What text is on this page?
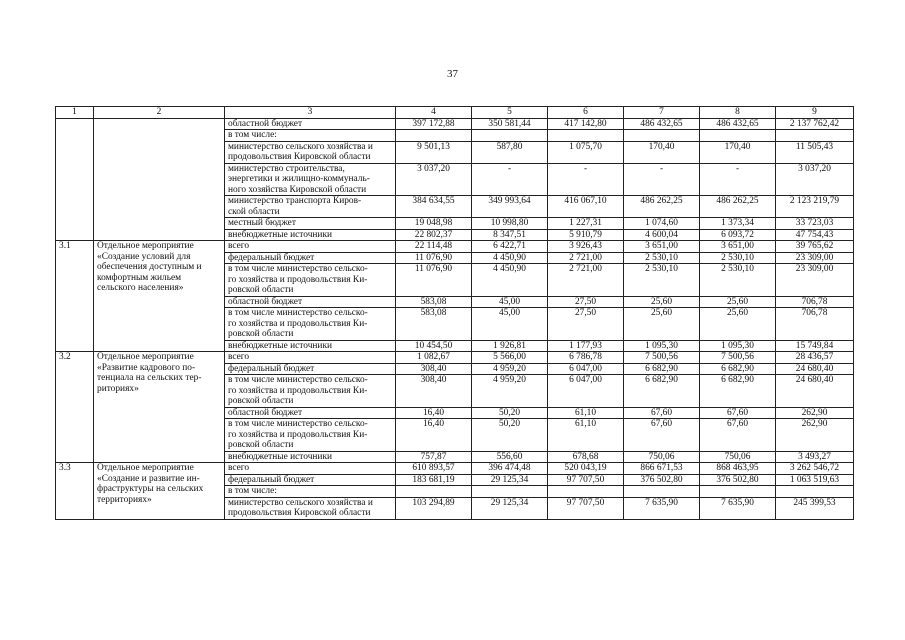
37
1	2	3	4	5	6	7	8	9
		областной бюджет	397 172,88	350 581,44	417 142,80	486 432,65	486 432,65	2 137 762,42
		в том числе:						
		министерство сельского хозяйства и
продовольствия Кировской области	9 501,13	587,80	1 075,70	170,40	170,40	11 505,43
		министерство строительства,
энергетики и жилищно-коммуналь-
ного хозяйства Кировской области	3 037,20	-	-	-	-	3 037,20
		министерство транспорта Киров-
ской области	384 634,55	349 993,64	416 067,10	486 262,25	486 262,25	2 123 219,79
		местный бюджет	19 048,98	10 998,80	1 227,31	1 074,60	1 373,34	33 723,03
		внебюджетные источники	22 802,37	8 347,51	5 910,79	4 600,04	6 093,72	47 754,43
3.1	Отдельное мероприятие
«Создание условий для
обеспечения доступным и
комфортным жильем
сельского населения»	всего	22 114,48	6 422,71	3 926,43	3 651,00	3 651,00	39 765,62
		федеральный бюджет	11 076,90	4 450,90	2 721,00	2 530,10	2 530,10	23 309,00
		в том числе министерство сельско-
го хозяйства и продовольствия Ки-
ровской области	11 076,90	4 450,90	2 721,00	2 530,10	2 530,10	23 309,00
		областной бюджет	583,08	45,00	27,50	25,60	25,60	706,78
		в том числе министерство сельско-
го хозяйства и продовольствия Ки-
ровской области	583,08	45,00	27,50	25,60	25,60	706,78
		внебюджетные источники	10 454,50	1 926,81	1 177,93	1 095,30	1 095,30	15 749,84
3.2	Отдельное мероприятие
«Развитие кадрового по-
тенциала на сельских тер-
риториях»	всего	1 082,67	5 566,00	6 786,78	7 500,56	7 500,56	28 436,57
		федеральный бюджет	308,40	4 959,20	6 047,00	6 682,90	6 682,90	24 680,40
		в том числе министерство сельско-
го хозяйства и продовольствия Ки-
ровской области	308,40	4 959,20	6 047,00	6 682,90	6 682,90	24 680,40
		областной бюджет	16,40	50,20	61,10	67,60	67,60	262,90
		в том числе министерство сельско-
го хозяйства и продовольствия Ки-
ровской области	16,40	50,20	61,10	67,60	67,60	262,90
		внебюджетные источники	757,87	556,60	678,68	750,06	750,06	3 493,27
3.3	Отдельное мероприятие
«Создание и развитие ин-
фраструктуры на сельских
территориях»	всего	610 893,57	396 474,48	520 043,19	866 671,53	868 463,95	3 262 546,72
		федеральный бюджет	183 681,19	29 125,34	97 707,50	376 502,80	376 502,80	1 063 519,63
		в том числе:						
		министерство сельского хозяйства и
продовольствия Кировской области	103 294,89	29 125,34	97 707,50	7 635,90	7 635,90	245 399,53
